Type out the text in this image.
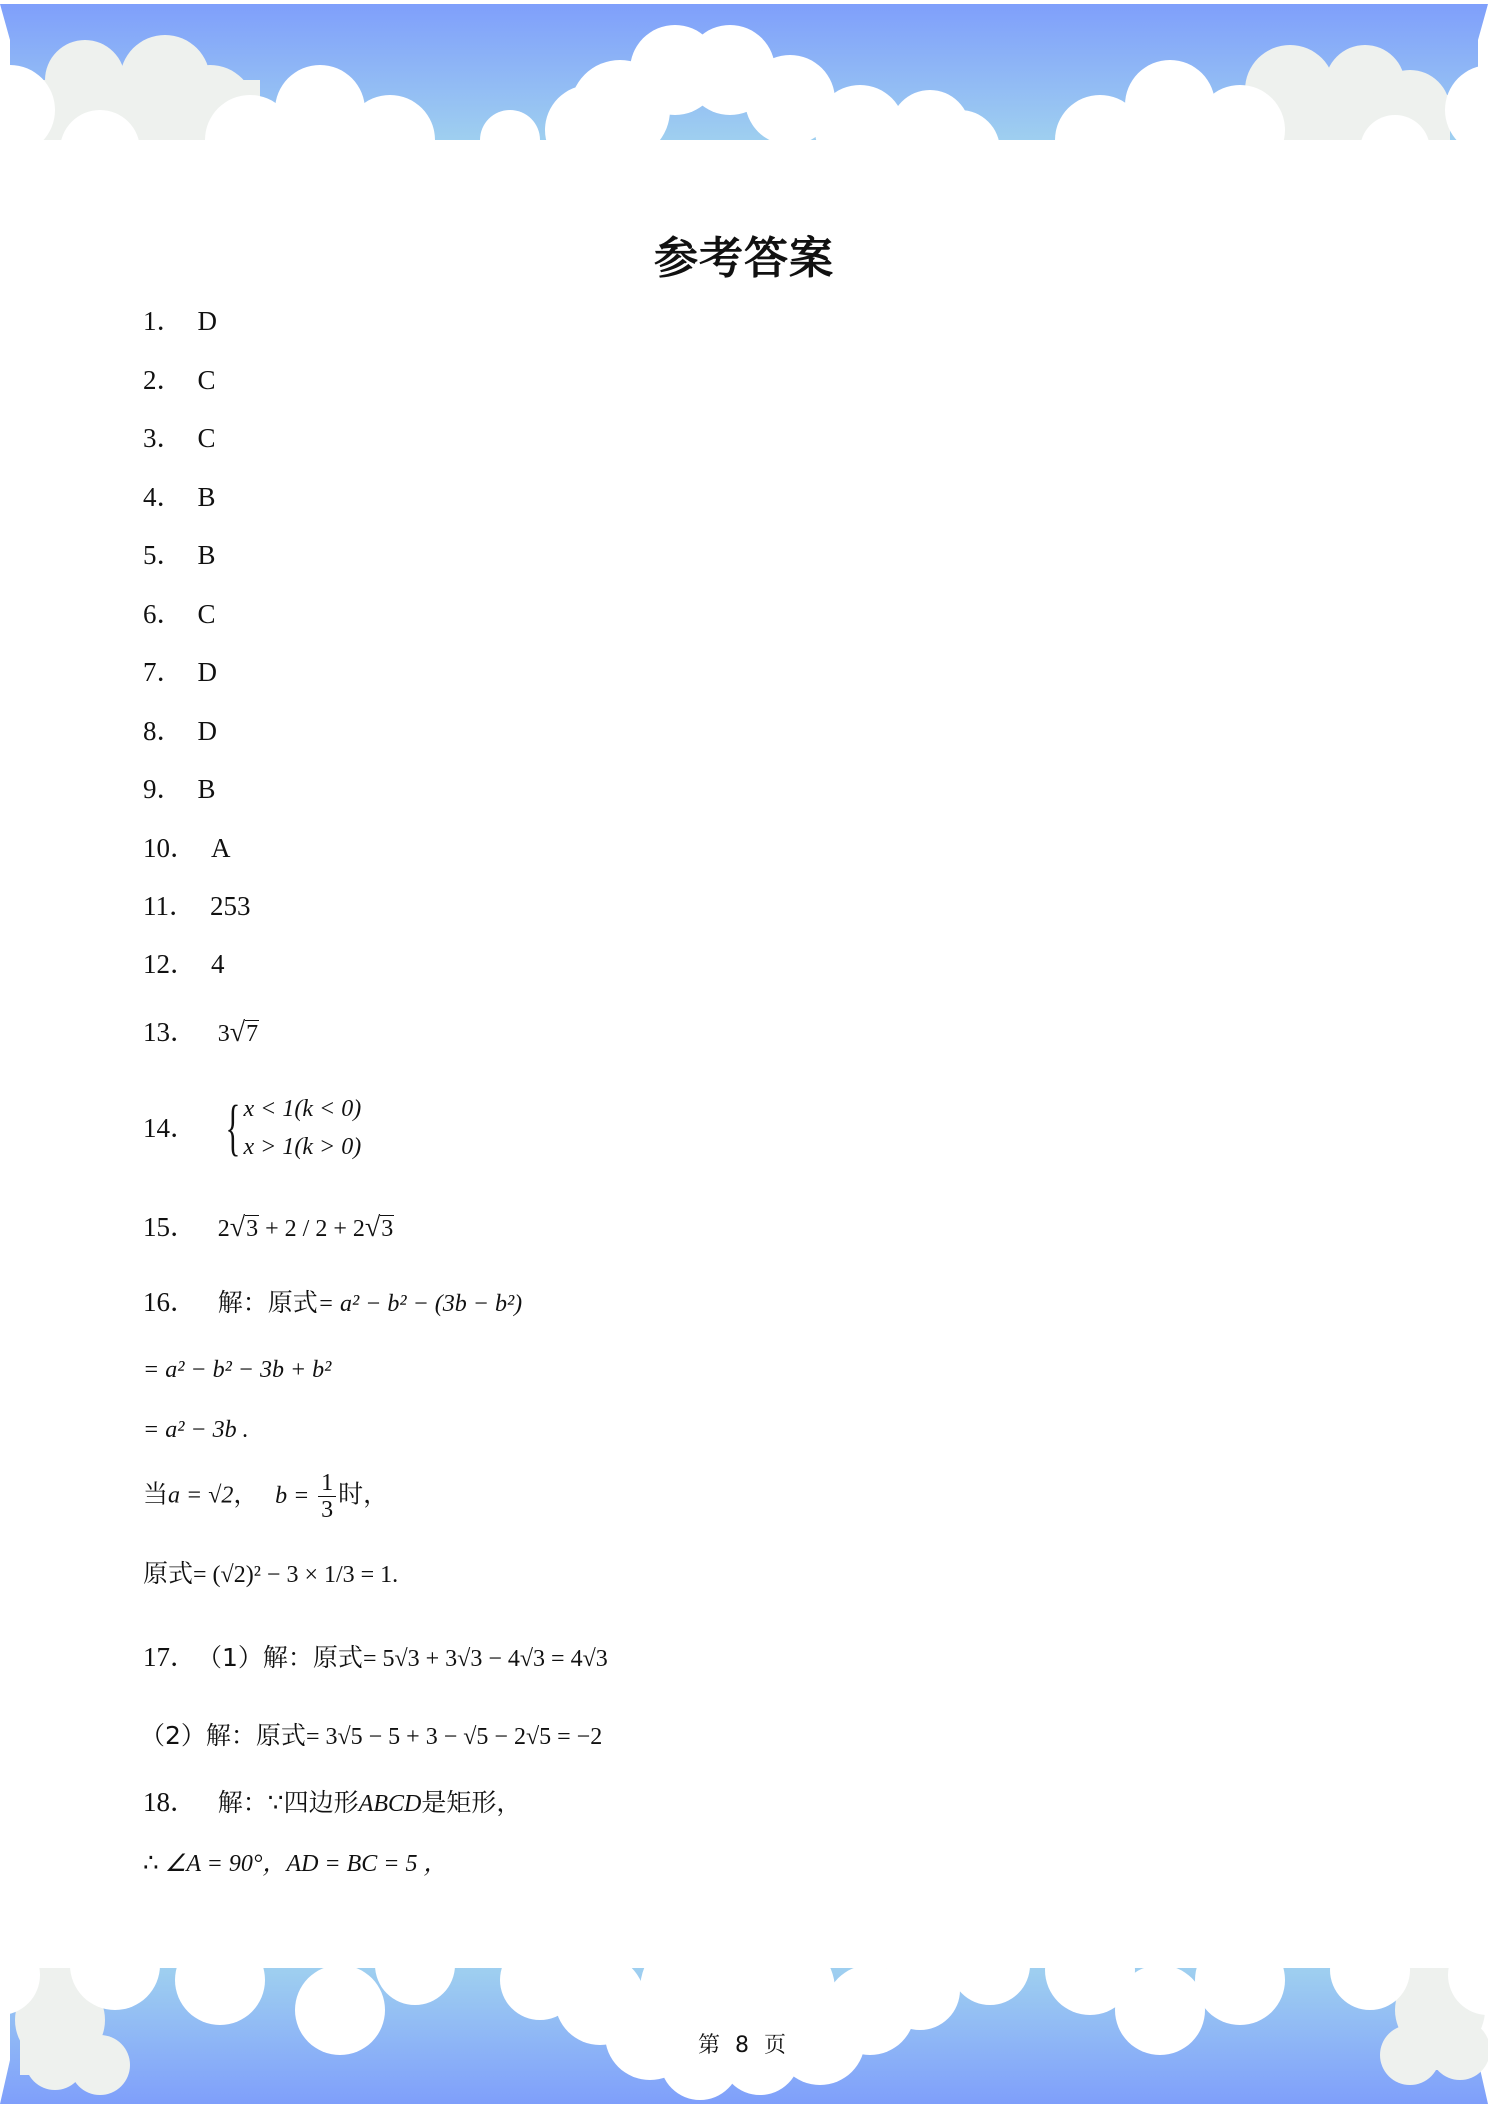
参考答案
1． D
2． C
3． C
4． B
5． B
6． C
7． D
8． D
9． B
10． A
11． 253
12． 4
13． 3√7
14． { x < 1(k < 0)
x > 1(k > 0)
15． 2√3 + 2 / 2 + 2√3
16． 解：原式= a² − b² − (3b − b²)
= a² − b² − 3b + b²
= a² − 3b .
当a = √2， $b = \frac{1}{3}$ 时，
原式= (√2)² − 3 × 1/3 = 1.
17．（1）解：原式= 5√3 + 3√3 − 4√3 = 4√3
（2）解：原式= 3√5 − 5 + 3 − √5 − 2√5 = −2
18． 解：∵四边形ABCD是矩形，
∴ ∠A = 90°，AD = BC = 5 ，
第 8 页
